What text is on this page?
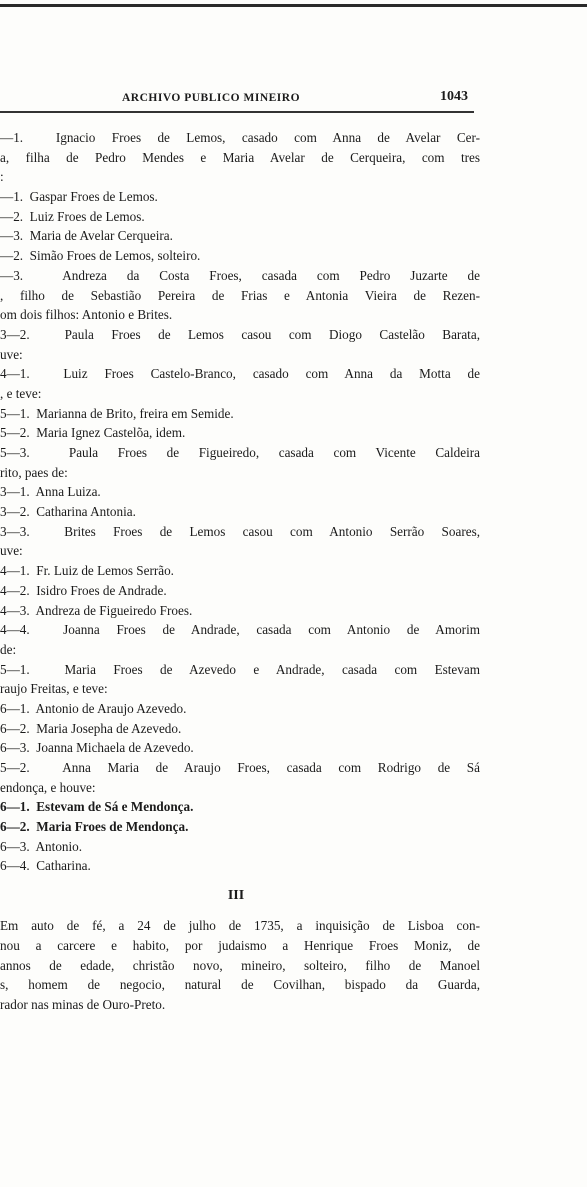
ARCHIVO PUBLICO MINEIRO	1043
—1.  Ignacio Froes de Lemos, casado com Anna de Avelar Cer-
a, filha de Pedro Mendes e Maria Avelar de Cerqueira, com tres
:
—1.  Gaspar Froes de Lemos.
—2.  Luiz Froes de Lemos.
—3.  Maria de Avelar Cerqueira.
—2.  Simão Froes de Lemos, solteiro.
—3.  Andreza da Costa Froes, casada com Pedro Juzarte de
, filho de Sebastião Pereira de Frias e Antonia Vieira de Rezen-
om dois filhos: Antonio e Brites.
3—2.  Paula Froes de Lemos casou com Diogo Castelão Barata,
uve:
4—1.  Luiz Froes Castelo-Branco, casado com Anna da Motta de
, e teve:
5—1.  Marianna de Brito, freira em Semide.
5—2.  Maria Ignez Castelõa, idem.
5—3.  Paula Froes de Figueiredo, casada com Vicente Caldeira
rito, paes de:
3—1.  Anna Luiza.
3—2.  Catharina Antonia.
3—3.  Brites Froes de Lemos casou com Antonio Serrão Soares,
uve:
4—1.  Fr. Luiz de Lemos Serrão.
4—2.  Isidro Froes de Andrade.
4—3.  Andreza de Figueiredo Froes.
4—4.  Joanna Froes de Andrade, casada com Antonio de Amorim
de:
5—1.  Maria Froes de Azevedo e Andrade, casada com Estevam
raujo Freitas, e teve:
6—1.  Antonio de Araujo Azevedo.
6—2.  Maria Josepha de Azevedo.
6—3.  Joanna Michaela de Azevedo.
5—2.  Anna Maria de Araujo Froes, casada com Rodrigo de Sá
endonça, e houve:
6—1.  Estevam de Sá e Mendonça.
6—2.  Maria Froes de Mendonça.
6—3.  Antonio.
6—4.  Catharina.
III
Em auto de fé, a 24 de julho de 1735, a inquisição de Lisboa con-
nou a carcere e habito, por judaismo a Henrique Froes Moniz, de
annos de edade, christão novo, mineiro, solteiro, filho de Manoel
s, homem de negocio, natural de Covilhan, bispado da Guarda,
rador nas minas de Ouro-Preto.
